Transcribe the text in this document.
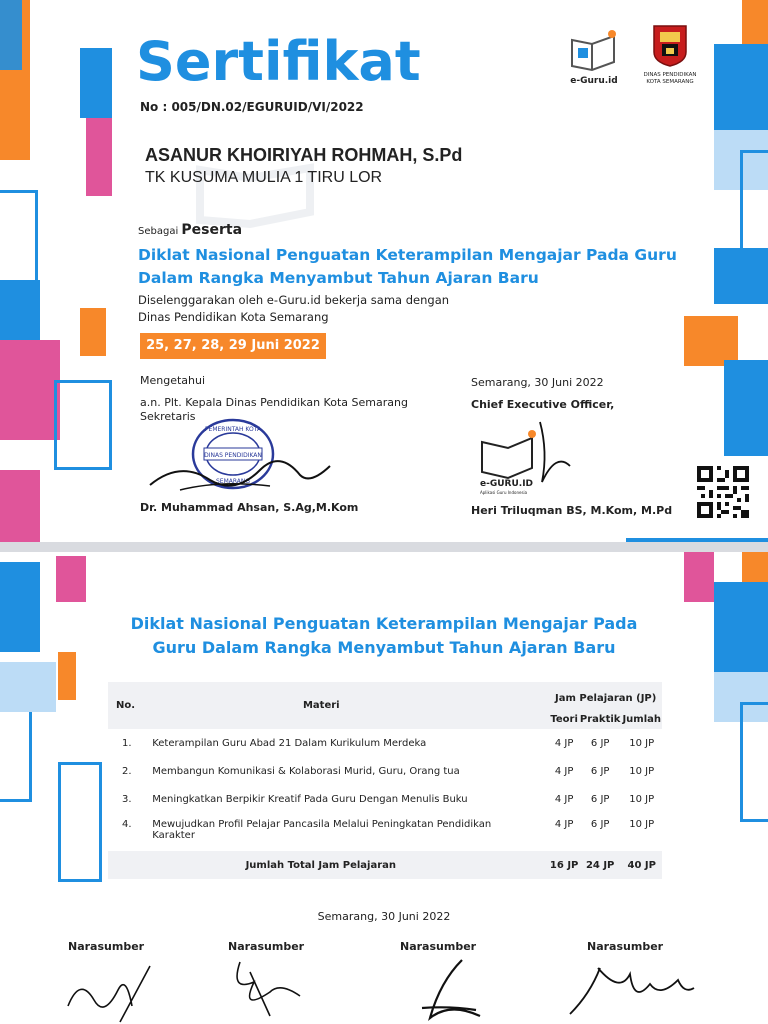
Sertifikat
No : 005/DN.02/EGURUID/VI/2022
e-Guru.id
DINAS PENDIDIKAN
KOTA SEMARANG
ASANUR KHOIRIYAH ROHMAH, S.Pd
TK KUSUMA MULIA 1 TIRU LOR
Sebagai Peserta
Diklat Nasional Penguatan Keterampilan Mengajar Pada Guru Dalam Rangka Menyambut Tahun Ajaran Baru
Diselenggarakan oleh e-Guru.id bekerja sama dengan
Dinas Pendidikan Kota Semarang
25, 27, 28, 29 Juni 2022
Mengetahui
a.n. Plt. Kepala Dinas Pendidikan Kota Semarang
Sekretaris
PEMERINTAH KOTA
DINAS PENDIDIKAN
SEMARANG
Dr. Muhammad Ahsan, S.Ag,M.Kom
Semarang, 30 Juni 2022
Chief Executive Officer,
e-GURU.ID
Aplikasi Guru Indonesia
Heri Triluqman BS, M.Kom, M.Pd
Diklat Nasional Penguatan Keterampilan Mengajar Pada Guru Dalam Rangka Menyambut Tahun Ajaran Baru
No.	Materi	Jam Pelajaran (JP)		
		Teori	Praktik	Jumlah
1.	Keterampilan Guru Abad 21 Dalam Kurikulum Merdeka	4 JP	6 JP	10 JP
2.	Membangun Komunikasi & Kolaborasi Murid, Guru, Orang tua	4 JP	6 JP	10 JP
3.	Meningkatkan Berpikir Kreatif Pada Guru Dengan Menulis Buku	4 JP	6 JP	10 JP
4.	Mewujudkan Profil Pelajar Pancasila Melalui Peningkatan Pendidikan Karakter	4 JP	6 JP	10 JP
	Jumlah Total Jam Pelajaran	16 JP	24 JP	40 JP
Semarang, 30 Juni 2022
Narasumber	Narasumber	Narasumber	Narasumber
